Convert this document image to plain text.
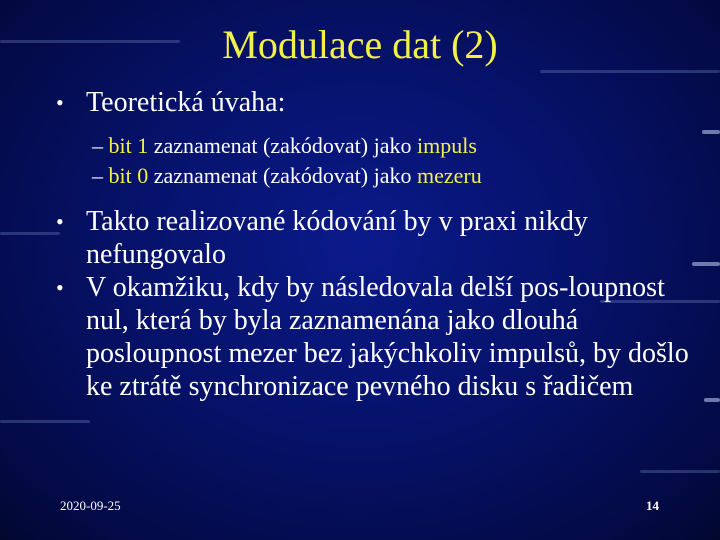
Modulace dat (2)
• Teoretická úvaha:
– bit 1 zaznamenat (zakódovat) jako impuls
– bit 0 zaznamenat (zakódovat) jako mezeru
• Takto realizované kódování by v praxi nikdy nefungovalo
• V okamžiku, kdy by následovala delší pos-loupnost nul, která by byla zaznamenána jako dlouhá posloupnost mezer bez jakýchkoliv impulsů, by došlo ke ztrátě synchronizace pevného disku s řadičem
2020-09-25	14
